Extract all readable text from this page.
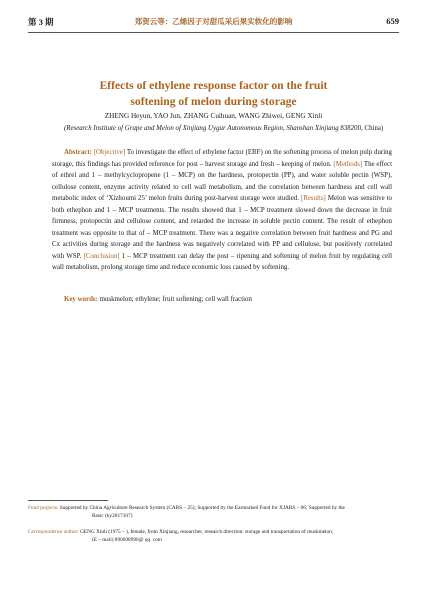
第 3 期	郑贺云等：乙烯因子对甜瓜采后果实软化的影响	659
Effects of ethylene response factor on the fruit
softening of melon during storage
ZHENG Heyun, YAO Jun, ZHANG Cuihuan, WANG Zhiwei, GENG Xinli
(Research Institute of Grape and Melon of Xinjiang Uygur Autonomous Region, Shanshan Xinjiang 838200, China)

Abstract: [Objective] To investigate the effect of ethylene factor (ERF) on the softening process of melon pulp during storage, this findings has provided reference for post – harvest storage and fresh – keeping of melon. [Methods] The effect of ethrel and 1 – methylcyclopropene (1 – MCP) on the hardness, protopectin (PP), and water soluble pectin (WSP), cellulose content, enzyme activity related to cell wall metabolism, and the correlation between hardness and cell wall metabolic index of ‘Xizhoumi 25’ melon fruits during post-harvest storage were studied. [Results] Melon was sensitive to both ethephon and 1 – MCP treatments. The results showed that 1 – MCP treatment slowed down the decrease in fruit firmness, protopectin and cellulose content, and retarded the increase in soluble pectin content. The result of ethephon treatment was opposite to that of – MCP treatment. There was a negative correlation between fruit hardness and PG and Cx activities during storage and the hardness was negatively correlated with PP and cellulose, but positively correlated with WSP. [Conclusion] 1 – MCP treatment can delay the post – ripening and softening of melon fruit by regulating cell wall metabolism, prolong storage time and reduce economic loss caused by softening.

Key words: muskmelon; ethylene; fruit softening; cell wall fraction
Fund projects: Supported by China Agriculture Research System (CARS – 25); Supported by the Earmarked Fund for XJARS – 06; Supported by the
Basic (ky2017107)
Correspondence author: GENG Xinli (1975 – ), female, from Xinjiang, researcher, research direction: storage and transportation of muskmelon,
(E – mail) 890698990@ qq. com
